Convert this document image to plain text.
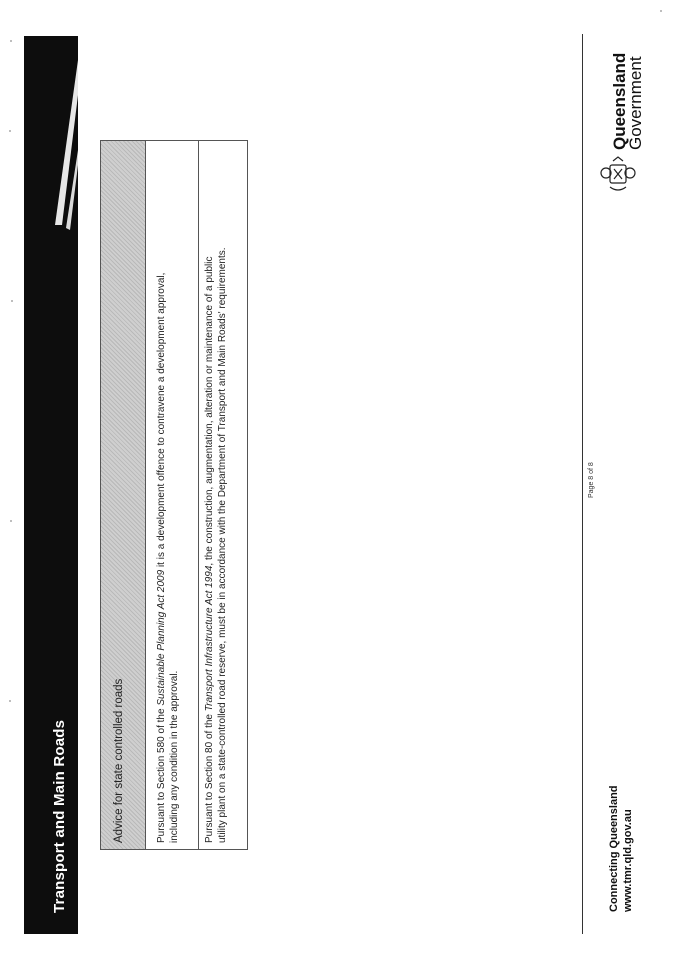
Transport and Main Roads	Advice for state controlled roads	Pursuant to Section 580 of the Sustainable Planning Act 2009 it is a development offence to contravene a development approval,
including any condition in the approval. Pursuant to Section 80 of the Transport Infrastructure Act 1994, the construction, augmentation, alteration or maintenance of a public utility plant on a state-controlled road reserve, must be in accordance with the Department of Transport and Main Roads' requirements.	Page 8 of 8
Connecting Queensland www.tmr.qld.gov.au
Queensland
Government
